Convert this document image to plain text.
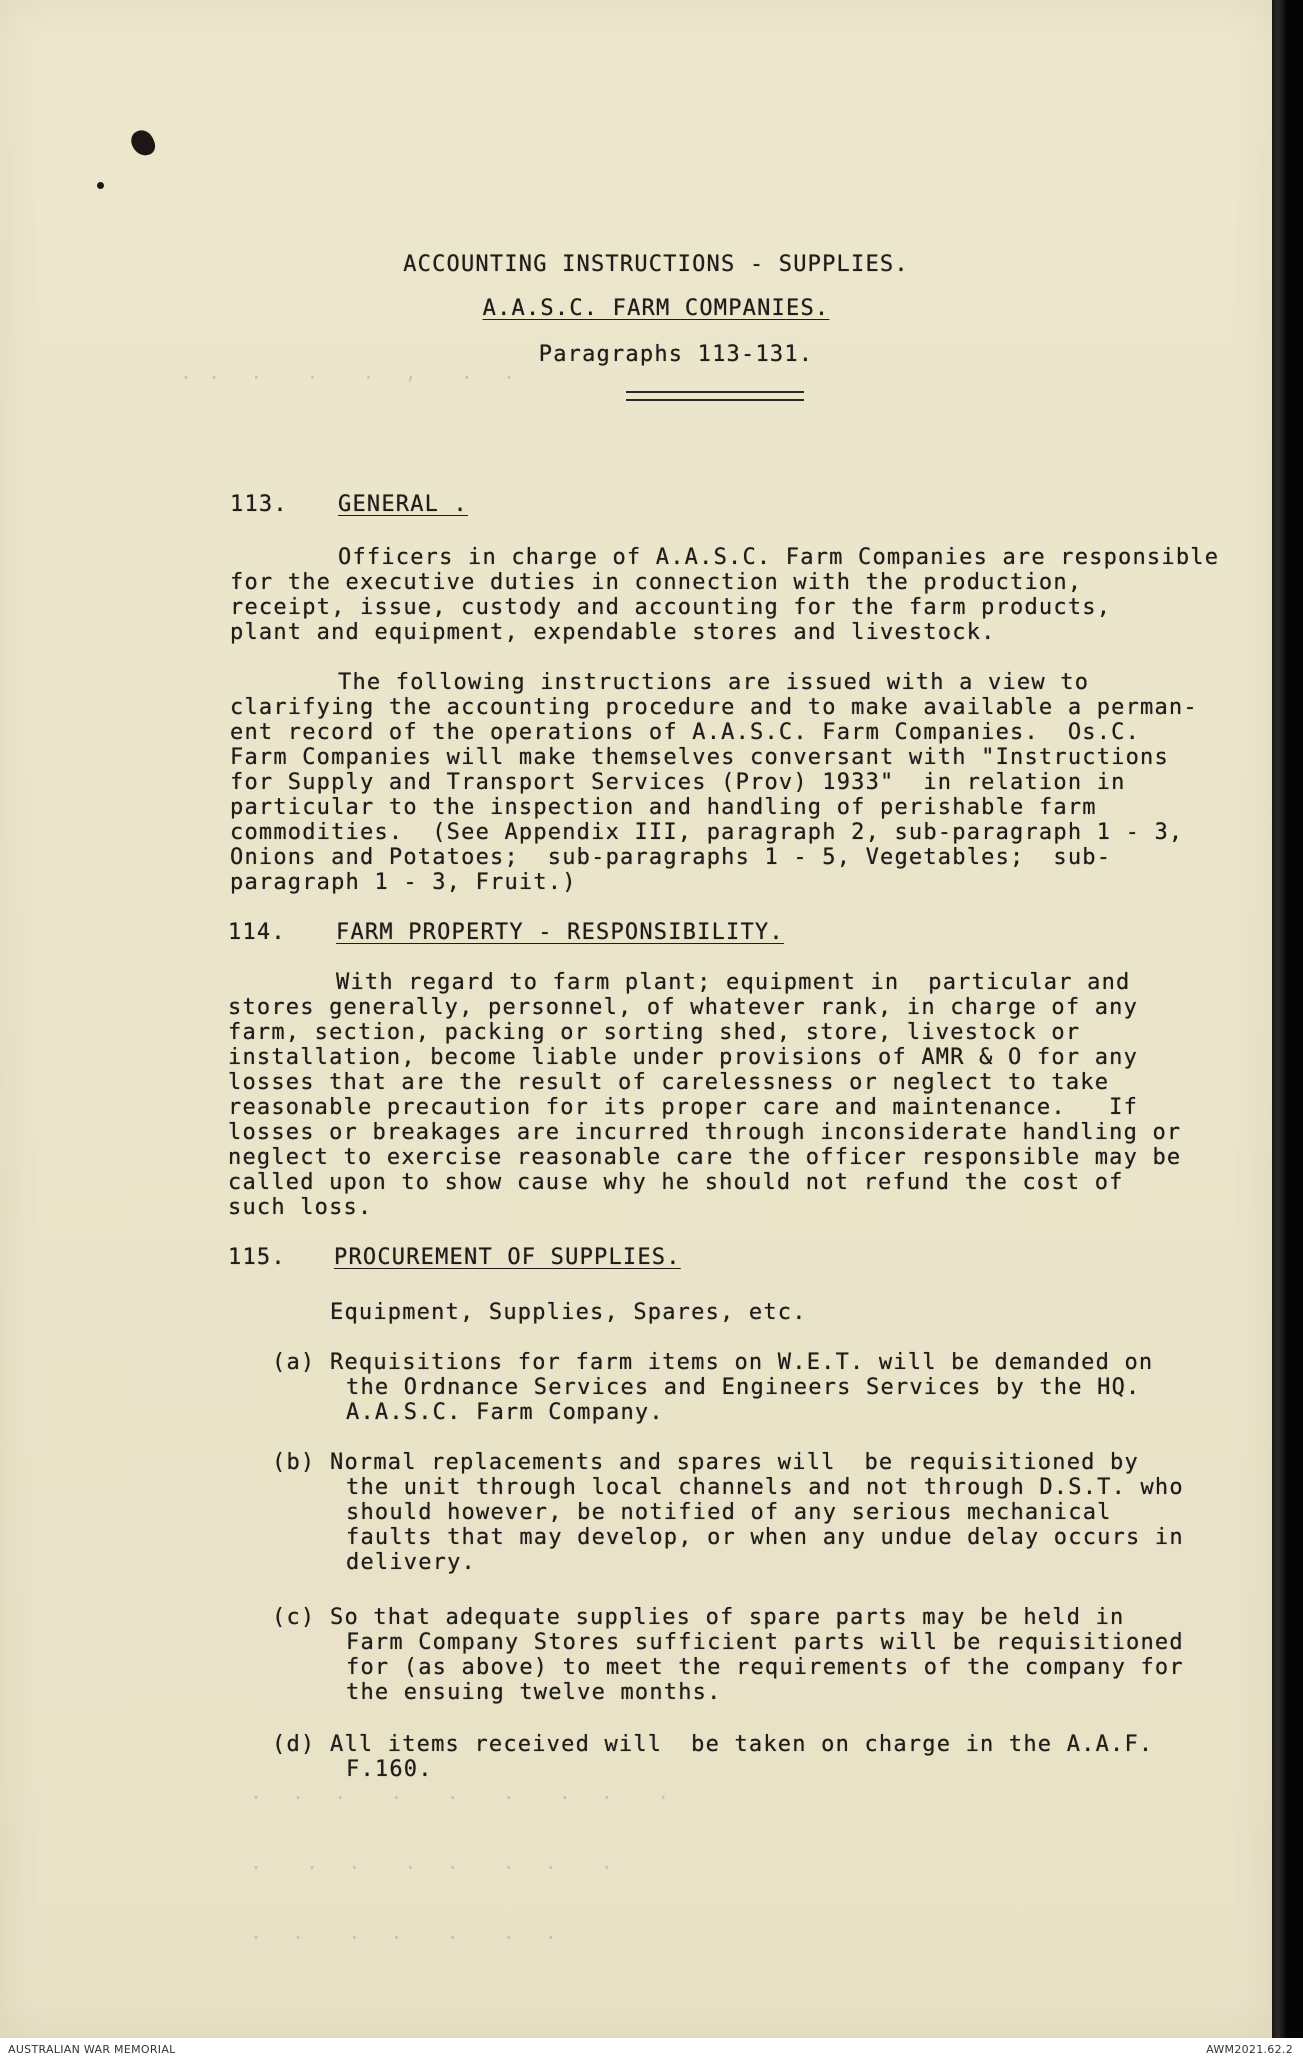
. .  .   .   .  ,   .  .
.  .  .   .   .   .   .  .   .
.   .  .   .  .   .  .   .
.  .   .  .   .   .  .
ACCOUNTING INSTRUCTIONS - SUPPLIES.
A.A.S.C. FARM COMPANIES.
Paragraphs 113-131.
113. GENERAL .
Officers in charge of A.A.S.C. Farm Companies are responsible
for the executive duties in connection with the production,
receipt, issue, custody and accounting for the farm products,
plant and equipment, expendable stores and livestock.
The following instructions are issued with a view to
clarifying the accounting procedure and to make available a perman-
ent record of the operations of A.A.S.C. Farm Companies.  Os.C.
Farm Companies will make themselves conversant with "Instructions
for Supply and Transport Services (Prov) 1933"  in relation in
particular to the inspection and handling of perishable farm
commodities.  (See Appendix III, paragraph 2, sub-paragraph 1 - 3,
Onions and Potatoes;  sub-paragraphs 1 - 5, Vegetables;  sub-
paragraph 1 - 3, Fruit.)
114. FARM PROPERTY - RESPONSIBILITY.
With regard to farm plant; equipment in  particular and
stores generally, personnel, of whatever rank, in charge of any
farm, section, packing or sorting shed, store, livestock or
installation, become liable under provisions of AMR & O for any
losses that are the result of carelessness or neglect to take
reasonable precaution for its proper care and maintenance.   If
losses or breakages are incurred through inconsiderate handling or
neglect to exercise reasonable care the officer responsible may be
called upon to show cause why he should not refund the cost of
such loss.
115. PROCUREMENT OF SUPPLIES.
Equipment, Supplies, Spares, etc.
(a) Requisitions for farm items on W.E.T. will be demanded on
the Ordnance Services and Engineers Services by the HQ.
A.A.S.C. Farm Company.
(b) Normal replacements and spares will  be requisitioned by
the unit through local channels and not through D.S.T. who
should however, be notified of any serious mechanical
faults that may develop, or when any undue delay occurs in
delivery.
(c) So that adequate supplies of spare parts may be held in
Farm Company Stores sufficient parts will be requisitioned
for (as above) to meet the requirements of the company for
the ensuing twelve months.
(d) All items received will  be taken on charge in the A.A.F.
F.160.
AUSTRALIAN WAR MEMORIAL	AWM2021.62.2
